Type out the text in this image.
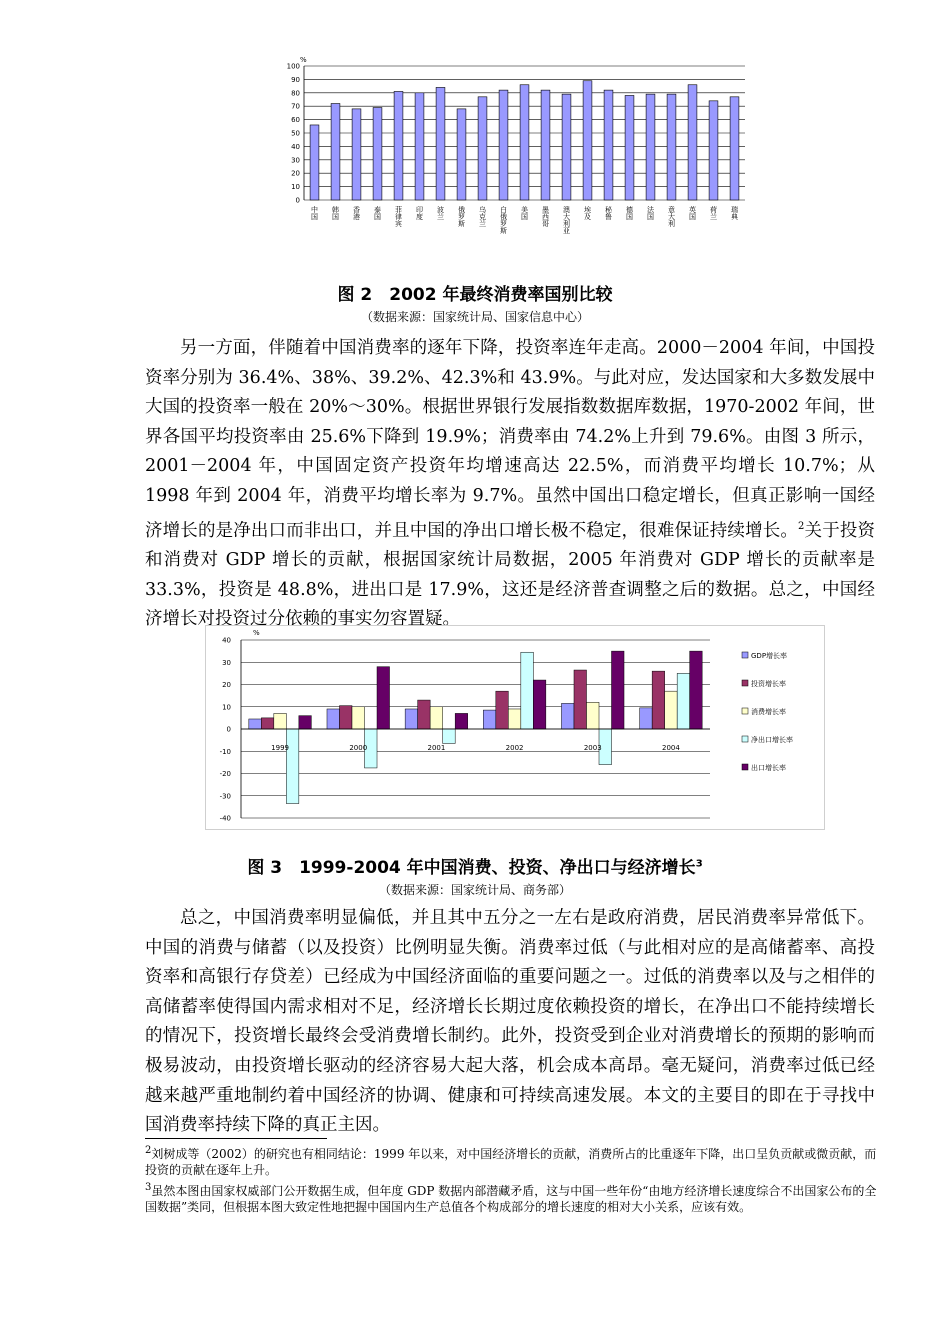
0
10
20
30
40
50
60
70
80
90
100
中国 韩国 香港 泰国 菲律宾 印度 波兰 俄罗斯 乌克兰 白俄罗斯 美国 墨西哥 澳大利亚 埃及 秘鲁 德国 法国 意大利 英国 荷兰 瑞典
%
图 2　2002 年最终消费率国别比较
（数据来源：国家统计局、国家信息中心）

另一方面，伴随着中国消费率的逐年下降，投资率连年走高。2000－2004 年间，中国投资率分别为 36.4%、38%、39.2%、42.3%和 43.9%。与此对应，发达国家和大多数发展中大国的投资率一般在 20%～30%。根据世界银行发展指数数据库数据，1970-2002 年间，世界各国平均投资率由 25.6%下降到 19.9%；消费率由 74.2%上升到 79.6%。由图 3 所示，2001－2004 年，中国固定资产投资年均增速高达 22.5%，而消费平均增长 10.7%；从 1998 年到 2004 年，消费平均增长率为 9.7%。虽然中国出口稳定增长，但真正影响一国经济增长的是净出口而非出口，并且中国的净出口增长极不稳定，很难保证持续增长。$^2$关于投资和消费对 GDP 增长的贡献，根据国家统计局数据，2005 年消费对 GDP 增长的贡献率是 33.3%，投资是 48.8%，进出口是 17.9%，这还是经济普查调整之后的数据。总之，中国经济增长对投资过分依赖的事实勿容置疑。

-40
-30
-20
-10
0
10
20
30
40
1999	2000	2001	2002	2003	2004
GDP增长率
投资增长率
消费增长率
净出口增长率
出口增长率
%
图 3　1999-2004 年中国消费、投资、净出口与经济增长$^3$
（数据来源：国家统计局、商务部）

总之，中国消费率明显偏低，并且其中五分之一左右是政府消费，居民消费率异常低下。中国的消费与储蓄（以及投资）比例明显失衡。消费率过低（与此相对应的是高储蓄率、高投资率和高银行存贷差）已经成为中国经济面临的重要问题之一。过低的消费率以及与之相伴的高储蓄率使得国内需求相对不足，经济增长长期过度依赖投资的增长，在净出口不能持续增长的情况下，投资增长最终会受消费增长制约。此外，投资受到企业对消费增长的预期的影响而极易波动，由投资增长驱动的经济容易大起大落，机会成本高昂。毫无疑问，消费率过低已经越来越严重地制约着中国经济的协调、健康和可持续高速发展。本文的主要目的即在于寻找中国消费率持续下降的真正主因。

$^2$刘树成等（2002）的研究也有相同结论：1999 年以来，对中国经济增长的贡献，消费所占的比重逐年下降，出口呈负贡献或微贡献，而投资的贡献在逐年上升。

$^3$虽然本图由国家权威部门公开数据生成，但年度 GDP 数据内部潜藏矛盾，这与中国一些年份“由地方经济增长速度综合不出国家公布的全国数据”类同，但根据本图大致定性地把握中国国内生产总值各个构成部分的增长速度的相对大小关系，应该有效。
